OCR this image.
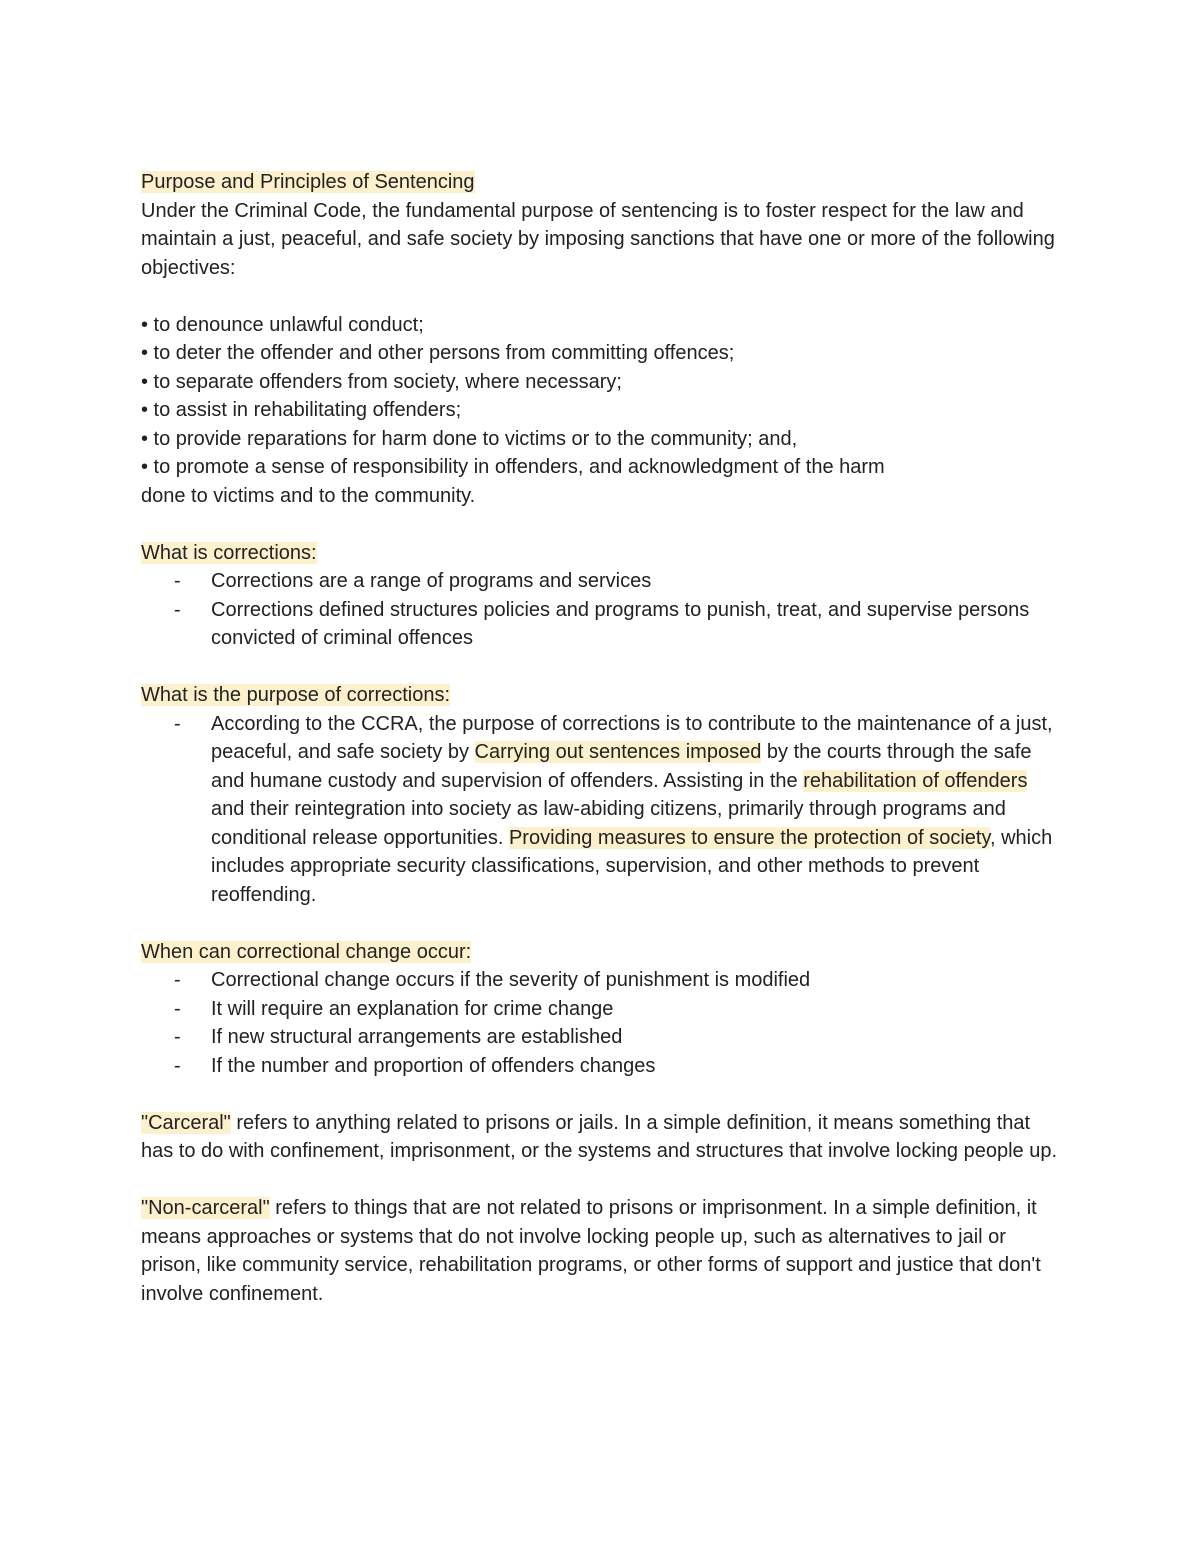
Purpose and Principles of Sentencing

Under the Criminal Code, the fundamental purpose of sentencing is to foster respect for the law and maintain a just, peaceful, and safe society by imposing sanctions that have one or more of the following objectives:

• to denounce unlawful conduct;

• to deter the offender and other persons from committing offences;

• to separate offenders from society, where necessary;

• to assist in rehabilitating offenders;

• to provide reparations for harm done to victims or to the community; and,

• to promote a sense of responsibility in offenders, and acknowledgment of the harm

done to victims and to the community.

What is corrections:

- Corrections are a range of programs and services
- Corrections defined structures policies and programs to punish, treat, and supervise persons convicted of criminal offences

What is the purpose of corrections:

- According to the CCRA, the purpose of corrections is to contribute to the maintenance of a just, peaceful, and safe society by Carrying out sentences imposed by the courts through the safe and humane custody and supervision of offenders. Assisting in the rehabilitation of offenders and their reintegration into society as law-abiding citizens, primarily through programs and conditional release opportunities. Providing measures to ensure the protection of society, which includes appropriate security classifications, supervision, and other methods to prevent reoffending.

When can correctional change occur:

- Correctional change occurs if the severity of punishment is modified
- It will require an explanation for crime change
- If new structural arrangements are established
- If the number and proportion of offenders changes

"Carceral" refers to anything related to prisons or jails. In a simple definition, it means something that has to do with confinement, imprisonment, or the systems and structures that involve locking people up.

"Non-carceral" refers to things that are not related to prisons or imprisonment. In a simple definition, it means approaches or systems that do not involve locking people up, such as alternatives to jail or prison, like community service, rehabilitation programs, or other forms of support and justice that don't involve confinement.
